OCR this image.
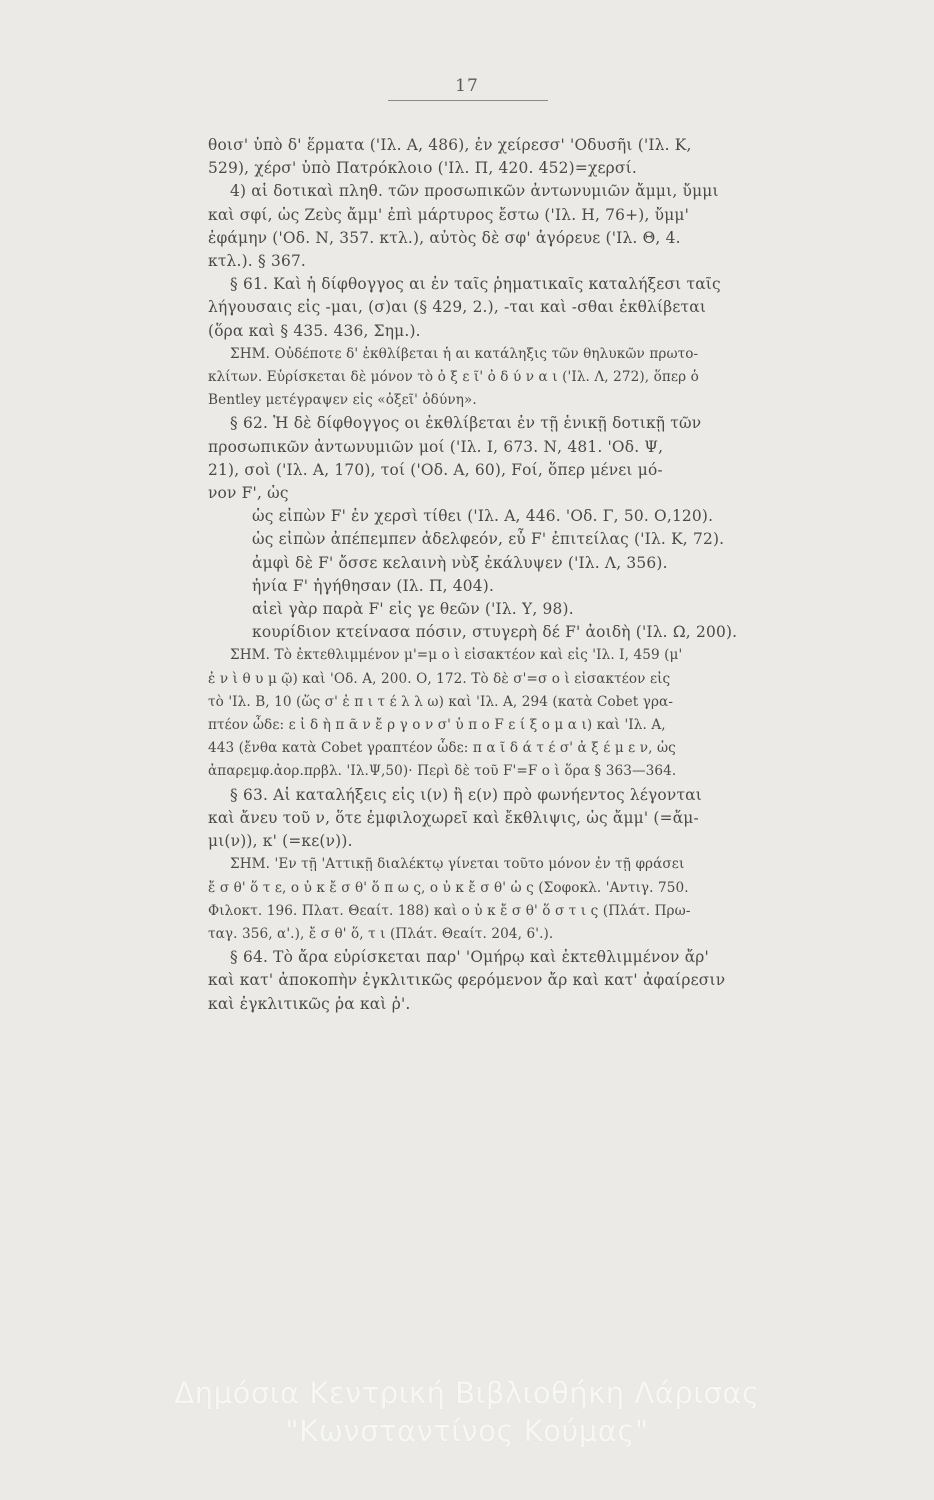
17
θοισ' ὑπὸ δ' ἕρματα ('Ιλ. Α, 486), ἐν χείρεσσ' 'Οδυσῆι ('Ιλ. Κ,
529), χέρσ' ὑπὸ Πατρόκλοιο ('Ιλ. Π, 420. 452)=χερσί.
4) αἱ δοτικαὶ πληθ. τῶν προσωπικῶν ἀντωνυμιῶν ἄμμι, ὔμμι
καὶ σφί, ὡς Ζεὺς ἄμμ' ἐπὶ μάρτυρος ἔστω ('Ιλ. Η, 76+), ὔμμ'
ἐφάμην ('Οδ. Ν, 357. κτλ.), αὐτὸς δὲ σφ' ἀγόρευε ('Ιλ. Θ, 4.
κτλ.). § 367.
§ 61. Καὶ ἡ δίφθογγος αι ἐν ταῖς ῥηματικαῖς καταλήξεσι ταῖς
λήγουσαις εἰς -μαι, (σ)αι (§ 429, 2.), -ται καὶ -σθαι ἐκθλίβεται
(ὅρα καὶ § 435. 436, Σημ.).
ΣΗΜ. Οὐδέποτε δ' ἐκθλίβεται ἡ αι κατάληξις τῶν θηλυκῶν πρωτο-
κλίτων. Εὑρίσκεται δὲ μόνον τὸ ὀ ξ ε ῖ' ὀ δ ύ ν α ι ('Ιλ. Λ, 272), ὅπερ ὁ
Bentley μετέγραψεν εἰς «ὀξεῖ' ὀδύνη».
§ 62. Ἡ δὲ δίφθογγος οι ἐκθλίβεται ἐν τῇ ἑνικῇ δοτικῇ τῶν
προσωπικῶν ἀντωνυμιῶν μοί ('Ιλ. Ι, 673. Ν, 481. 'Οδ. Ψ,
21), σοὶ ('Ιλ. Α, 170), τοί ('Οδ. Α, 60), Fοί, ὅπερ μένει μό-
νον F', ὡς
ὡς εἰπὼν F' ἐν χερσὶ τίθει ('Ιλ. Α, 446. 'Οδ. Γ, 50. Ο,120).
ὡς εἰπὼν ἀπέπεμπεν ἀδελφεόν, εὖ F' ἐπιτείλας ('Ιλ. Κ, 72).
ἀμφὶ δὲ F' ὄσσε κελαινὴ νὺξ ἐκάλυψεν ('Ιλ. Λ, 356).
ἠνία F' ἠγήθησαν (Ιλ. Π, 404).
αἰεὶ γὰρ παρὰ F' εἰς γε θεῶν ('Ιλ. Υ, 98).
κουρίδιον κτείνασα πόσιν, στυγερὴ δέ F' ἀοιδὴ ('Ιλ. Ω, 200).
ΣΗΜ. Τὸ ἐκτεθλιμμένον μ'=μ ο ὶ εἰσακτέον καὶ εἰς 'Ιλ. Ι, 459 (μ'
ἐ ν ὶ θ υ μ ῷ) καὶ 'Οδ. Α, 200. Ο, 172. Τὸ δὲ σ'=σ ο ὶ εἰσακτέον εἰς
τὸ 'Ιλ. Β, 10 (ὥς σ' ἐ π ι τ έ λ λ ω) καὶ 'Ιλ. Α, 294 (κατὰ Cobet γρα-
πτέον ὧδε: ε ἰ δ ὴ π ᾶ ν ἔ ρ γ ο ν σ' ὑ π ο F ε ί ξ ο μ α ι) καὶ 'Ιλ. Α,
443 (ἔνθα κατὰ Cobet γραπτέον ὧδε: π α ῖ δ ά τ έ σ' ἀ ξ έ μ ε ν, ὡς
ἀπαρεμφ.ἀορ.πρβλ. 'Ιλ.Ψ,50)· Περὶ δὲ τοῦ F'=F ο ὶ ὅρα § 363—364.
§ 63. Αἱ καταλήξεις εἰς ι(ν) ἢ ε(ν) πρὸ φωνήεντος λέγονται
καὶ ἄνευ τοῦ ν, ὅτε ἐμφιλοχωρεῖ καὶ ἔκθλιψις, ὡς ἄμμ' (=ἄμ-
μι(ν)), κ' (=κε(ν)).
ΣΗΜ. 'Εν τῇ 'Αττικῇ διαλέκτῳ γίνεται τοῦτο μόνον ἐν τῇ φράσει
ἔ σ θ' ὅ τ ε, ο ὐ κ ἔ σ θ' ὅ π ω ς, ο ὐ κ ἔ σ θ' ὡ ς (Σοφοκλ. 'Αντιγ. 750.
Φιλοκτ. 196. Πλατ. Θεαίτ. 188) καὶ ο ὐ κ ἔ σ θ' ὅ σ τ ι ς (Πλάτ. Πρω-
ταγ. 356, α'.), ἔ σ θ' ὅ, τ ι (Πλάτ. Θεαίτ. 204, 6'.).
§ 64. Τὸ ἄρα εὑρίσκεται παρ' 'Ομήρῳ καὶ ἐκτεθλιμμένον ἄρ'
καὶ κατ' ἀποκοπὴν ἐγκλιτικῶς φερόμενον ἄρ καὶ κατ' ἀφαίρεσιν
καὶ ἐγκλιτικῶς ῥα καὶ ῥ'.
Δημόσια Κεντρική Βιβλιοθήκη Λάρισας
"Κωνσταντίνος Κούμας"
